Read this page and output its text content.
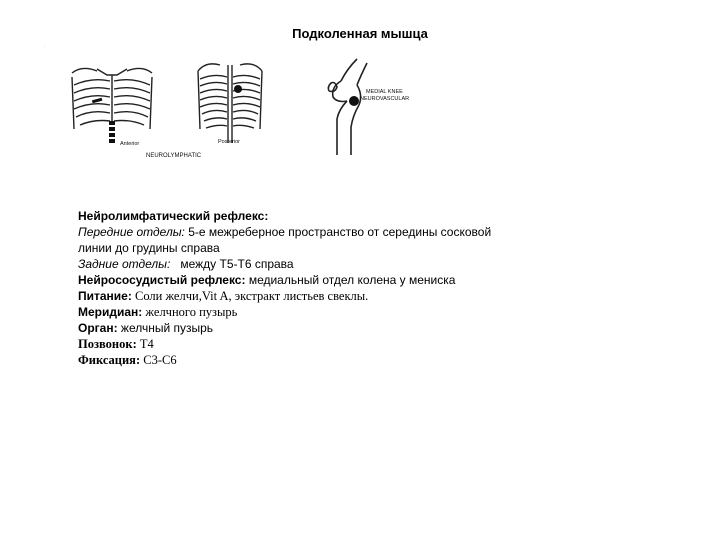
Подколенная мышца
·
Anterior	Posterior
NEUROLYMPHATIC
MEDIAL KNEE
NEUROVASCULAR
Нейролимфатический рефлекс:
Передние отделы: 5-е межреберное пространство от середины сосковой
линии до грудины справа
Задние отделы:   между Т5-Т6 справа
Нейрососудистый рефлекс: медиальный отдел колена у мениска
Питание: Соли желчи,Vit A, экстракт листьев свеклы.
Меридиан: желчного пузырь
Орган: желчный пузырь
Позвонок: Т4
Фиксация: С3-С6
